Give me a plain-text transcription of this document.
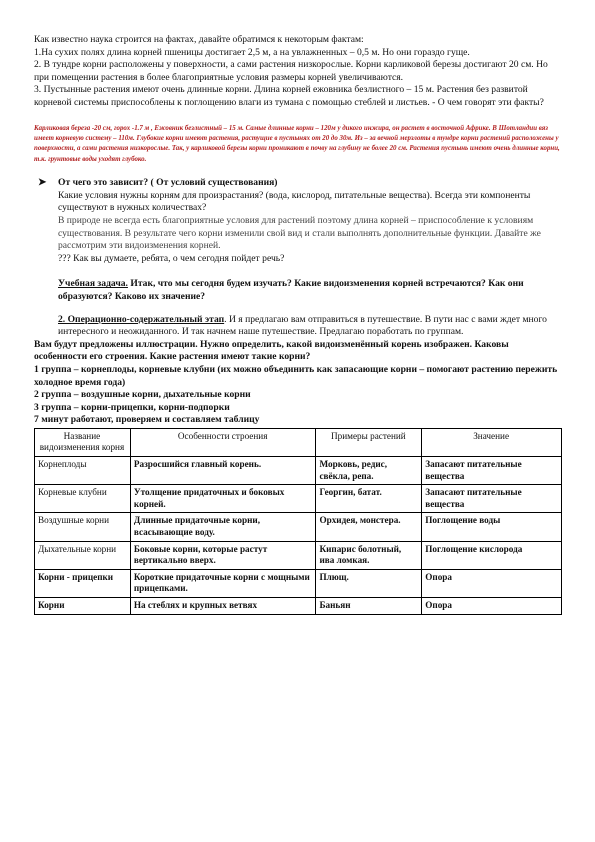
Как известно наука строится на фактах, давайте обратимся к некоторым фактам:

1.На сухих полях длина корней пшеницы достигает 2,5 м, а на увлажненных – 0,5 м. Но они гораздо гуще.

2. В тундре корни расположены у поверхности, а сами растения низкорослые. Корни карликовой березы достигают 20 см. Но при помещении растения в более благоприятные условия размеры корней увеличиваются.

3. Пустынные растения имеют очень длинные корни. Длина корней ежовника безлистного – 15 м. Растения без развитой корневой системы приспособлены к поглощению влаги из тумана с помощью стеблей и листьев. - О чем говорят эти факты?

Карликовая береза -20 см, горох -1.7 м , Ежовник безлистный – 15 м. Самые длинные корни – 120м у дикого инжира, он растет в восточной Африке. В Шотландии вяз имеет корневую систему – 110м. Глубокие корни имеют растения, растущие в пустынях от 20 до 30м. Из – за вечной мерзлоты в тундре корни растений расположены у поверхности, а сами растения низкорослые. Так, у карликовой березы корни проникают в почву на глубину не более 20 см. Растения пустынь имеют очень длинные корни, т.к. грунтовые воды уходят глубоко.

➤ От чего это зависит? ( От условий существования)

Какие условия нужны корням для произрастания? (вода, кислород, питательные вещества). Всегда эти компоненты существуют в нужных количествах?

В природе не всегда есть благоприятные условия для растений поэтому длина корней – приспособление к условиям существования. В результате чего корни изменили свой вид и стали выполнять дополнительные функции. Давайте же рассмотрим эти видоизменения корней.

??? Как вы думаете, ребята, о чем сегодня пойдет речь?

Учебная задача. Итак, что мы сегодня будем изучать? Какие видоизменения корней встречаются? Как они образуются? Каково их значение?

2. Операционно-содержательный этап. И я предлагаю вам отправиться в путешествие. В пути нас с вами ждет много интересного и неожиданного. И так начнем наше путешествие. Предлагаю поработать по группам.

Вам будут предложены иллюстрации. Нужно определить, какой видоизменённый корень изображен. Каковы особенности его строения. Какие растения имеют такие корни?

1 группа – корнеплоды, корневые клубни (их можно объединить как запасающие корни – помогают растению пережить холодное время года)

2 группа – воздушные корни, дыхательные корни

3 группа – корни-прицепки, корни-подпорки

7 минут работают, проверяем и составляем таблицу

Название видоизменения корня	Особенности строения	Примеры растений	Значение
Корнеплоды	Разросшийся главный корень.	Морковь, редис, свёкла, репа.	Запасают питательные вещества
Корневые клубни	Утолщение придаточных и боковых корней.	Георгин, батат.	Запасают питательные вещества
Воздушные корни	Длинные придаточные корни, всасывающие воду.	Орхидея, монстера.	Поглощение воды
Дыхательные корни	Боковые корни, которые растут вертикально вверх.	Кипарис болотный, ива ломкая.	Поглощение кислорода
Корни - прицепки	Короткие придаточные корни с мощными прицепками.	Плющ.	Опора
Корни	На стеблях и крупных ветвях	Баньян	Опора
